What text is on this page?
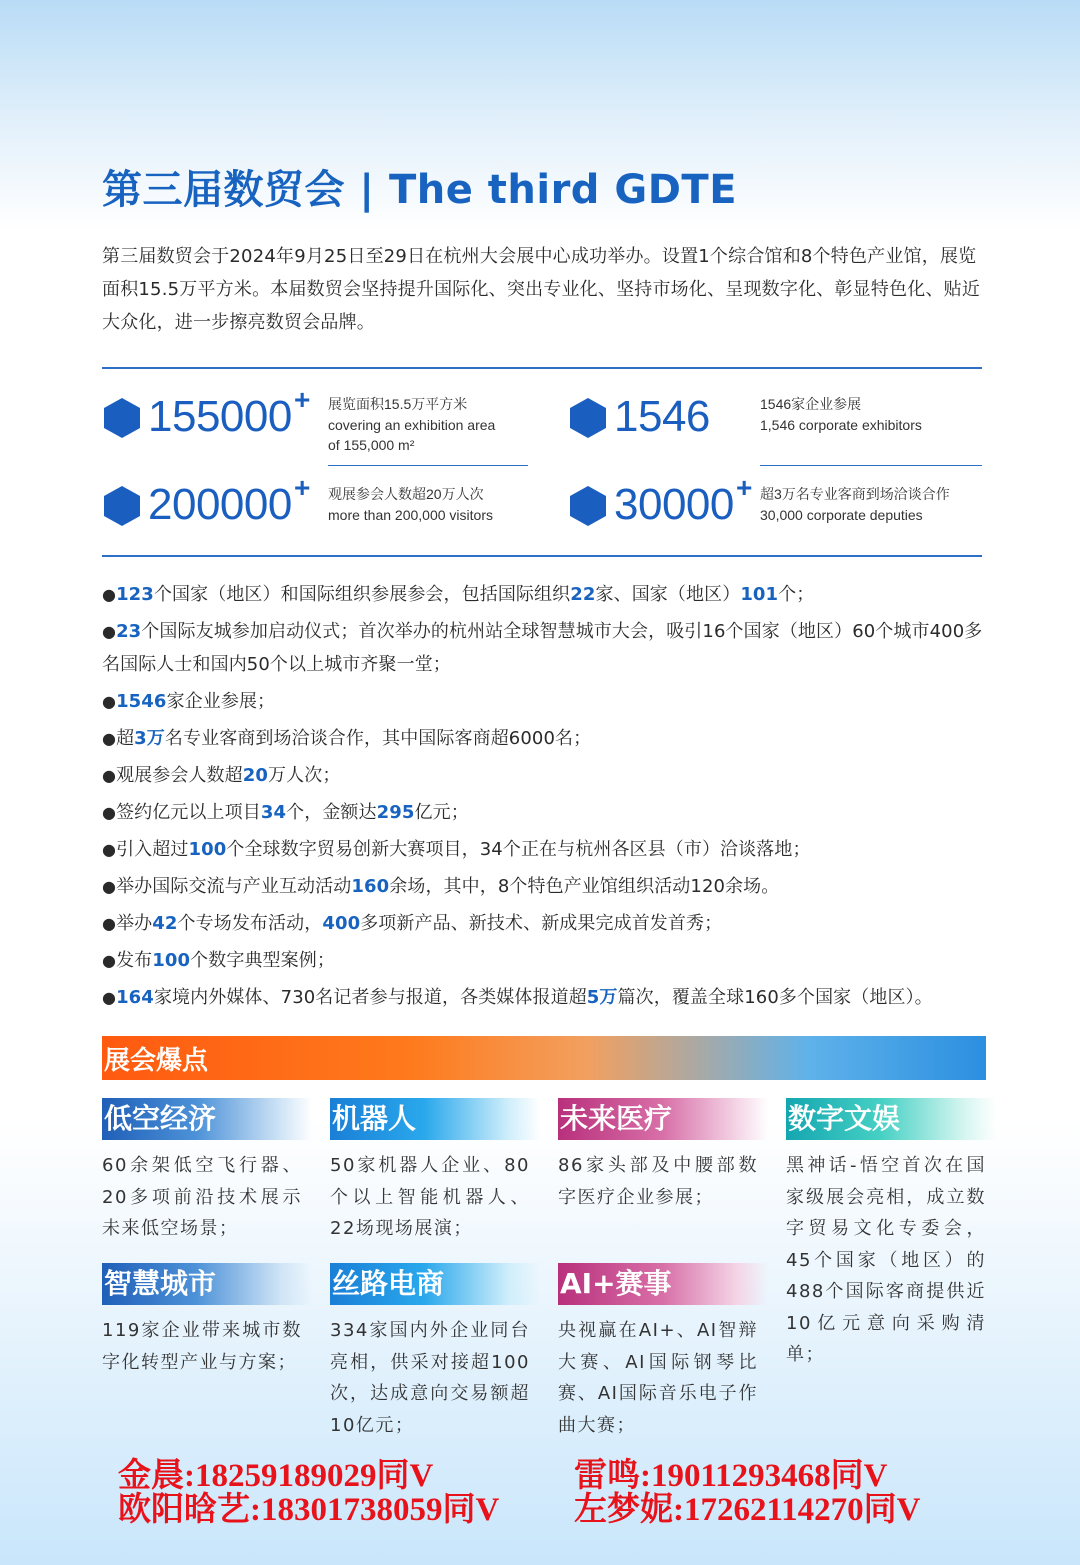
第三届数贸会 | The third GDTE
第三届数贸会于2024年9月25日至29日在杭州大会展中心成功举办。设置1个综合馆和8个特色产业馆，展览面积15.5万平方米。本届数贸会坚持提升国际化、突出专业化、坚持市场化、呈现数字化、彰显特色化、贴近大众化，进一步擦亮数贸会品牌。
155000 + 展览面积15.5万平方米
covering an exhibition area
of 155,000 m²
1546	1546家企业参展
1,546 corporate exhibitors
200000 + 观展参会人数超20万人次
more than 200,000 visitors	30000 + 超3万名专业客商到场洽谈合作
30,000 corporate deputies
●123个国家（地区）和国际组织参展参会，包括国际组织22家、国家（地区）101个；
●23个国际友城参加启动仪式；首次举办的杭州站全球智慧城市大会，吸引16个国家（地区）60个城市400多名国际人士和国内50个以上城市齐聚一堂；
●1546家企业参展；
●超3万名专业客商到场洽谈合作，其中国际客商超6000名；
●观展参会人数超20万人次；
●签约亿元以上项目34个，金额达295亿元；
●引入超过100个全球数字贸易创新大赛项目，34个正在与杭州各区县（市）洽谈落地；
●举办国际交流与产业互动活动160余场，其中，8个特色产业馆组织活动120余场。
●举办42个专场发布活动，400多项新产品、新技术、新成果完成首发首秀；
●发布100个数字典型案例；
●164家境内外媒体、730名记者参与报道，各类媒体报道超5万篇次，覆盖全球160多个国家（地区）。
展会爆点
低空经济
60余架低空飞行器、20多项前沿技术展示未来低空场景；
机器人
50家机器人企业、80个以上智能机器人、22场现场展演；
未来医疗
86家头部及中腰部数字医疗企业参展；
数字文娱
黑神话-悟空首次在国家级展会亮相，成立数字贸易文化专委会，45个国家（地区）的488个国际客商提供近10亿元意向采购清单；
智慧城市
119家企业带来城市数字化转型产业与方案；
丝路电商
334家国内外企业同台亮相，供采对接超100次，达成意向交易额超10亿元；
AI+赛事
央视赢在AI+、AI智辩大赛、AI国际钢琴比赛、AI国际音乐电子作曲大赛；
金晨:18259189029同V
欧阳晗艺:18301738059同V
雷鸣:19011293468同V
左梦妮:17262114270同V
